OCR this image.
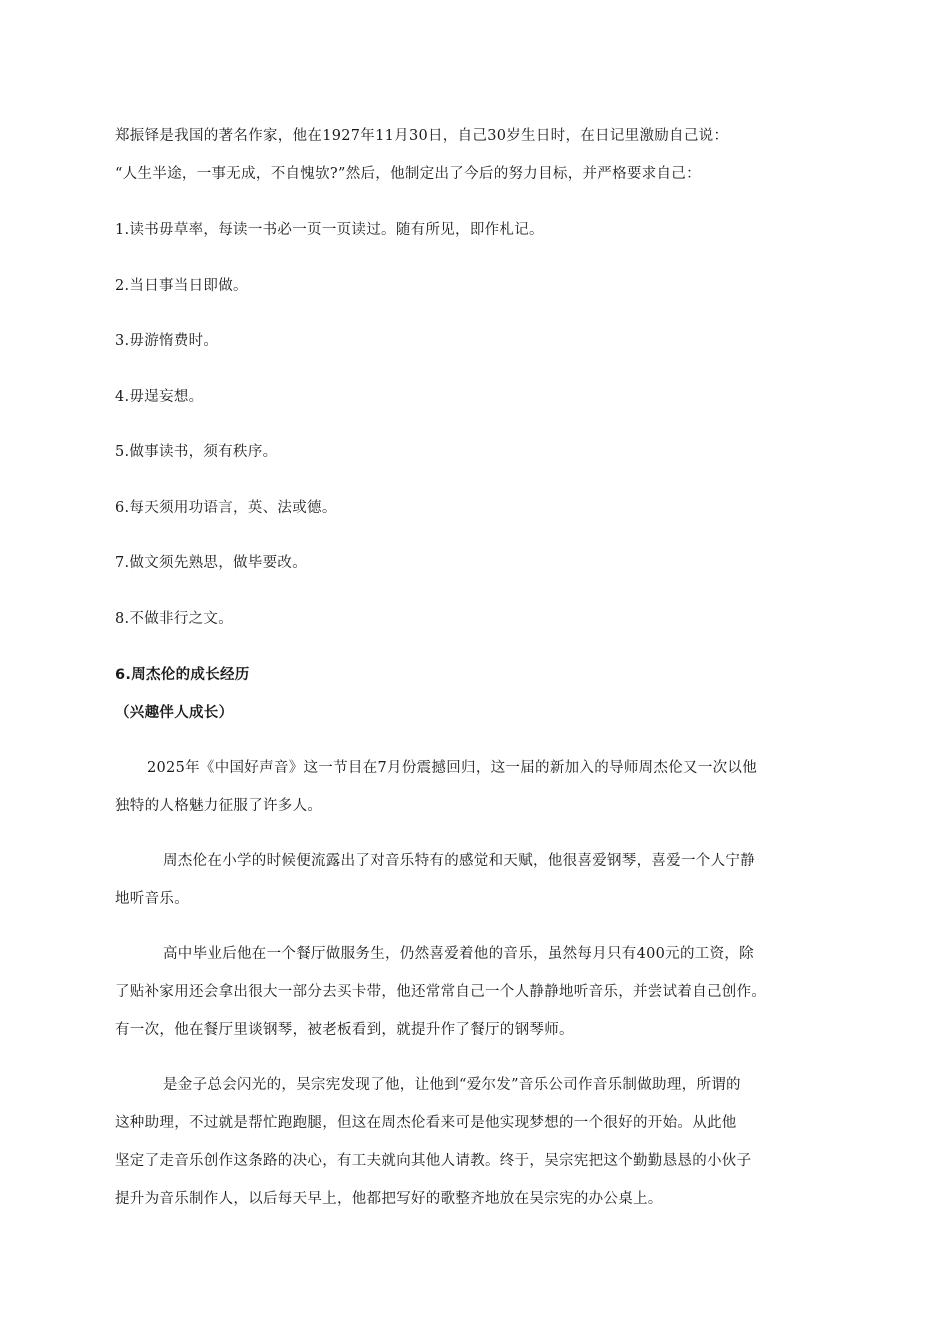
郑振铎是我国的著名作家，他在1927年11月30日，自己30岁生日时，在日记里激励自己说：
“人生半途，一事无成，不自愧欤?”然后，他制定出了今后的努力目标，并严格要求自己：
1.读书毋草率，每读一书必一页一页读过。随有所见，即作札记。
2.当日事当日即做。
3.毋游惰费时。
4.毋逞妄想。
5.做事读书，须有秩序。
6.每天须用功语言，英、法或德。
7.做文须先熟思，做毕要改。
8.不做非行之文。
6.周杰伦的成长经历
（兴趣伴人成长）
2025年《中国好声音》这一节目在7月份震撼回归，这一届的新加入的导师周杰伦又一次以他
独特的人格魅力征服了许多人。
周杰伦在小学的时候便流露出了对音乐特有的感觉和天赋，他很喜爱钢琴，喜爱一个人宁静
地听音乐。
高中毕业后他在一个餐厅做服务生，仍然喜爱着他的音乐，虽然每月只有400元的工资，除
了贴补家用还会拿出很大一部分去买卡带，他还常常自己一个人静静地听音乐，并尝试着自己创作。
有一次，他在餐厅里谈钢琴，被老板看到，就提升作了餐厅的钢琴师。
是金子总会闪光的，吴宗宪发现了他，让他到“爱尔发”音乐公司作音乐制做助理，所谓的
这种助理，不过就是帮忙跑跑腿，但这在周杰伦看来可是他实现梦想的一个很好的开始。从此他
坚定了走音乐创作这条路的决心，有工夫就向其他人请教。终于，吴宗宪把这个勤勤恳恳的小伙子
提升为音乐制作人，以后每天早上，他都把写好的歌整齐地放在吴宗宪的办公桌上。
